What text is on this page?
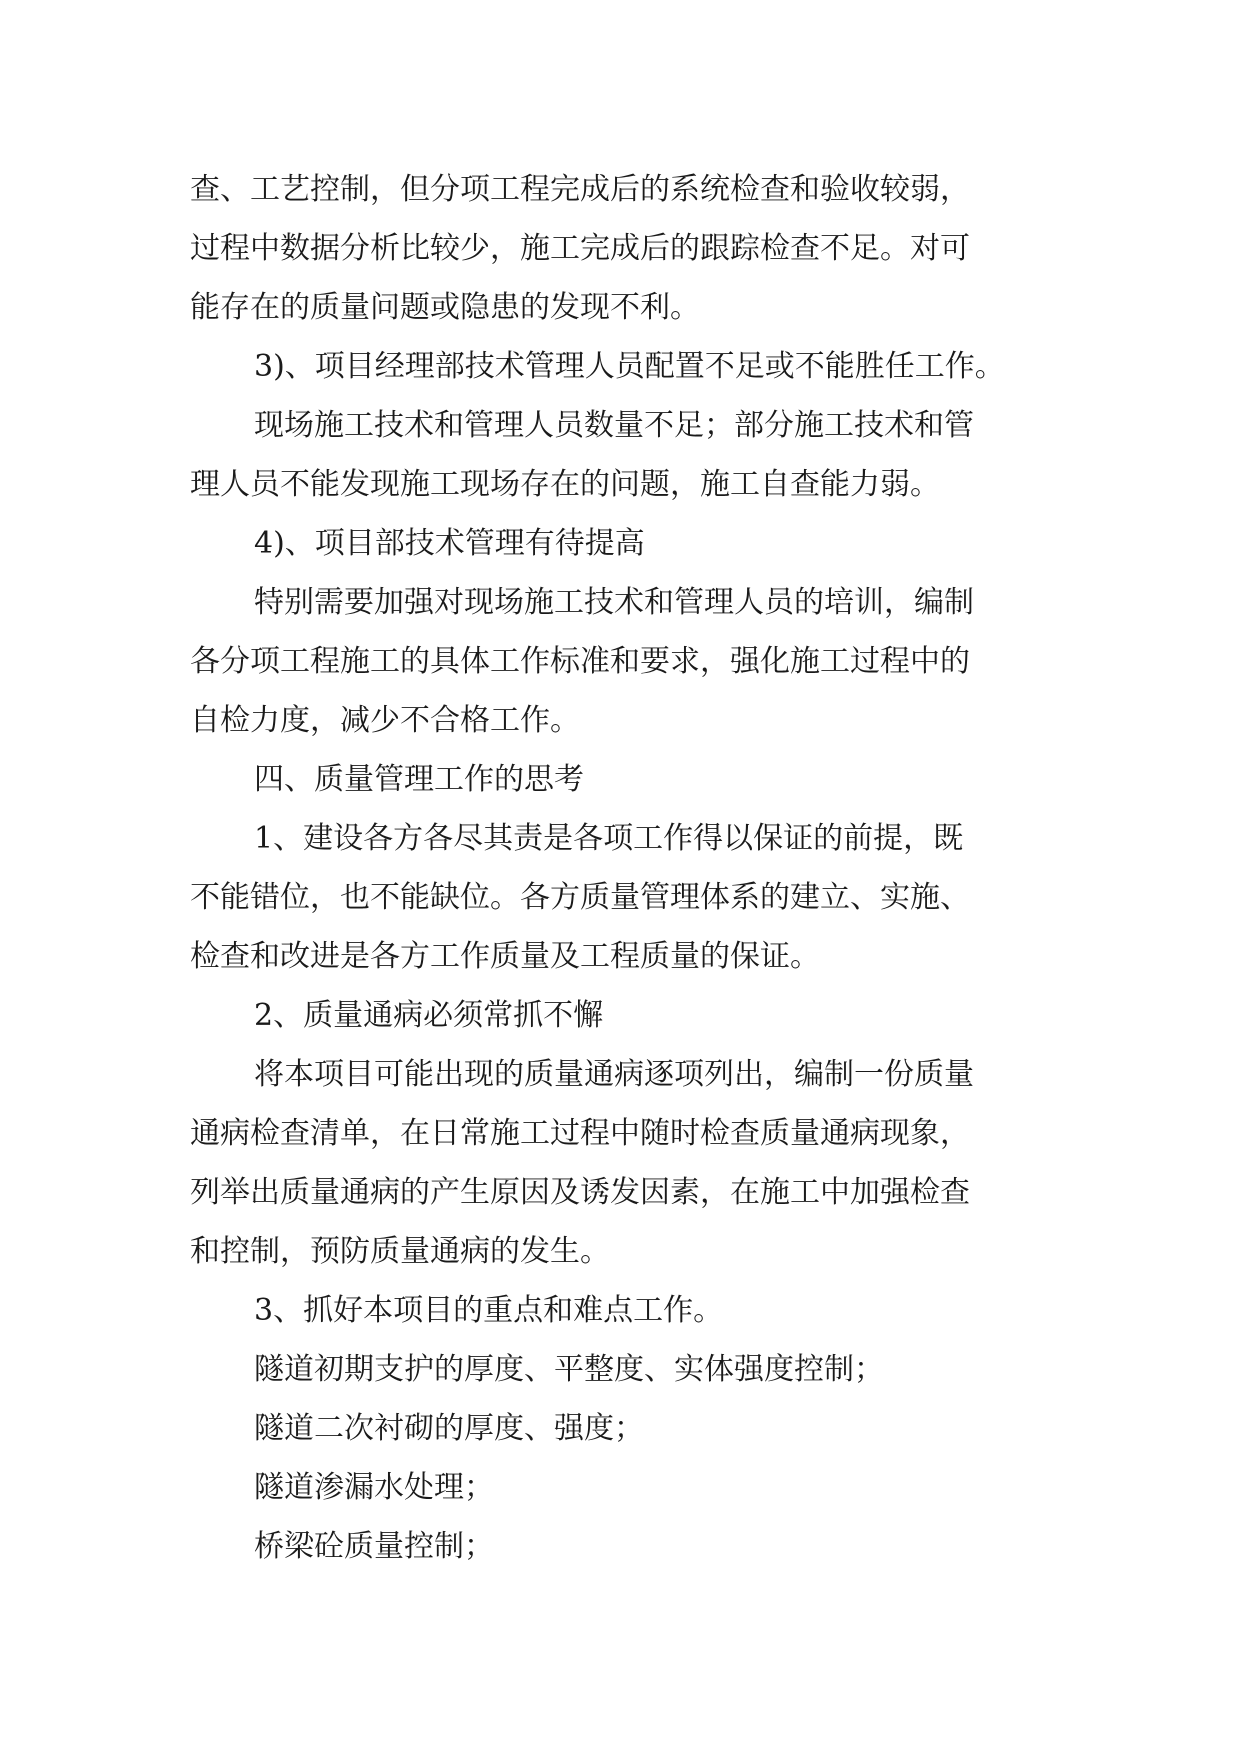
查、工艺控制，但分项工程完成后的系统检查和验收较弱，
过程中数据分析比较少，施工完成后的跟踪检查不足。对可
能存在的质量问题或隐患的发现不利。
3)、项目经理部技术管理人员配置不足或不能胜任工作。
现场施工技术和管理人员数量不足；部分施工技术和管
理人员不能发现施工现场存在的问题，施工自查能力弱。
4)、项目部技术管理有待提高
特别需要加强对现场施工技术和管理人员的培训，编制
各分项工程施工的具体工作标准和要求，强化施工过程中的
自检力度，减少不合格工作。
四、质量管理工作的思考
1、建设各方各尽其责是各项工作得以保证的前提，既
不能错位，也不能缺位。各方质量管理体系的建立、实施、
检查和改进是各方工作质量及工程质量的保证。
2、质量通病必须常抓不懈
将本项目可能出现的质量通病逐项列出，编制一份质量
通病检查清单，在日常施工过程中随时检查质量通病现象，
列举出质量通病的产生原因及诱发因素，在施工中加强检查
和控制，预防质量通病的发生。
3、抓好本项目的重点和难点工作。
隧道初期支护的厚度、平整度、实体强度控制；
隧道二次衬砌的厚度、强度；
隧道渗漏水处理；
桥梁砼质量控制；
